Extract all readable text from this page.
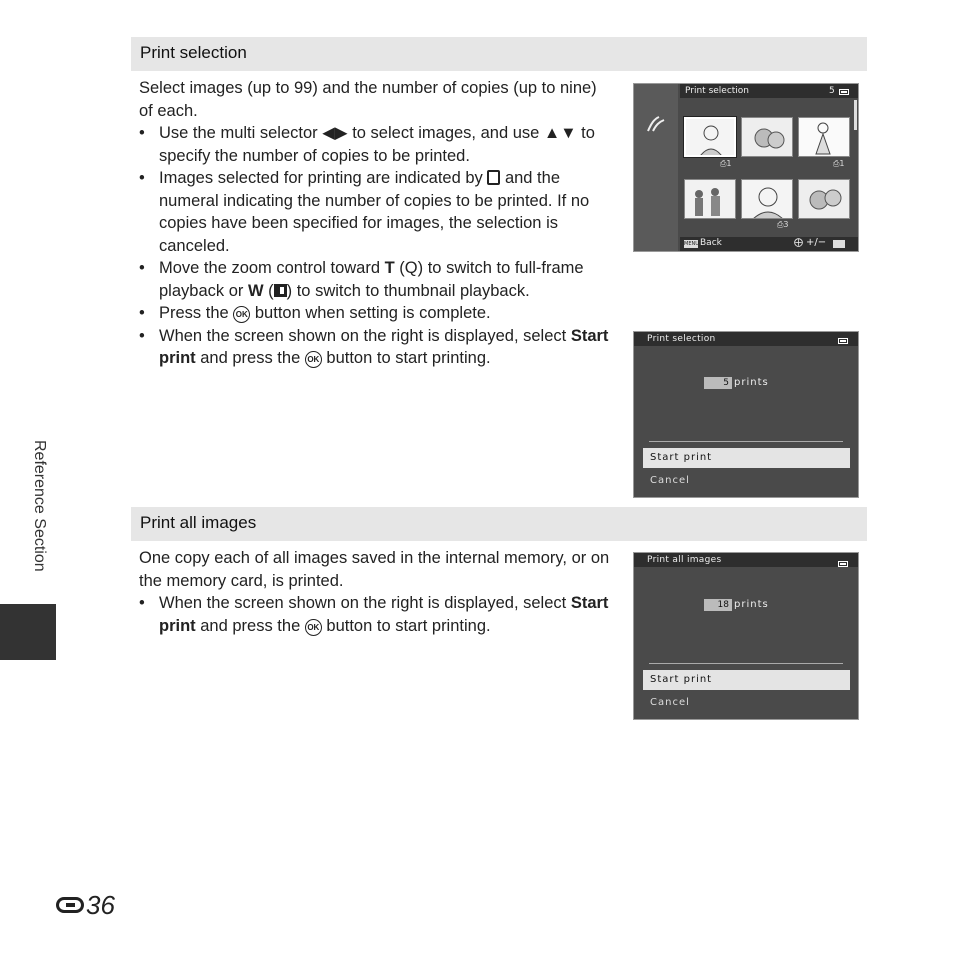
Print selection
Select images (up to 99) and the number of copies (up to nine) of each.
• Use the multi selector ◀▶ to select images, and use ▲▼ to specify the number of copies to be printed.
• Images selected for printing are indicated by  and the numeral indicating the number of copies to be printed. If no copies have been specified for images, the selection is canceled.
• Move the zoom control toward T (Q) to switch to full-frame playback or W ( ) to switch to thumbnail playback.
• Press the OK button when setting is complete.
• When the screen shown on the right is displayed, select Start print and press the OK button to start printing.
Print selection	5
⎙1	⎙1
⎙3
MENU Back	⨁ +/−
Print selection
5 prints
Start print
Cancel
Print all images
One copy each of all images saved in the internal memory, or on the memory card, is printed.
• When the screen shown on the right is displayed, select Start print and press the OK button to start printing.
Print all images
18 prints
Start print
Cancel
Reference Section
36
